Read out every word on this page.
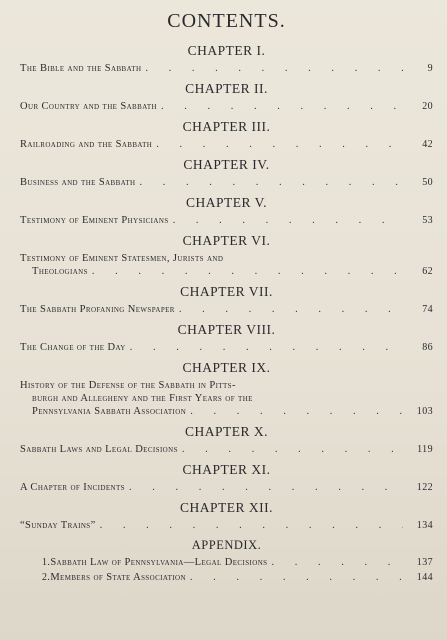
CONTENTS.
CHAPTER I.
The Bible and the Sabbath . . .	9
CHAPTER II.
Our Country and the Sabbath . . .	20
CHAPTER III.
Railroading and the Sabbath . . .	42
CHAPTER IV.
Business and the Sabbath . . .	50
CHAPTER V.
Testimony of Eminent Physicians . . .	53
CHAPTER VI.
Testimony of Eminent Statesmen, Jurists and
Theologians . . .	62
CHAPTER VII.
The Sabbath Profaning Newspaper . . .	74
CHAPTER VIII.
The Change of the Day . . .	86
CHAPTER IX.
History of the Defense of the Sabbath in Pitts-
burgh and Allegheny and the First Years of the
Pennsylvania Sabbath Association . . .	103
CHAPTER X.
Sabbath Laws and Legal Decisions . . .	119
CHAPTER XI.
A Chapter of Incidents . . .	122
CHAPTER XII.
“Sunday Trains” . . .	134
APPENDIX.
1. Sabbath Law of Pennsylvania—Legal Decisions . . .	137
2. Members of State Association . . .	144
